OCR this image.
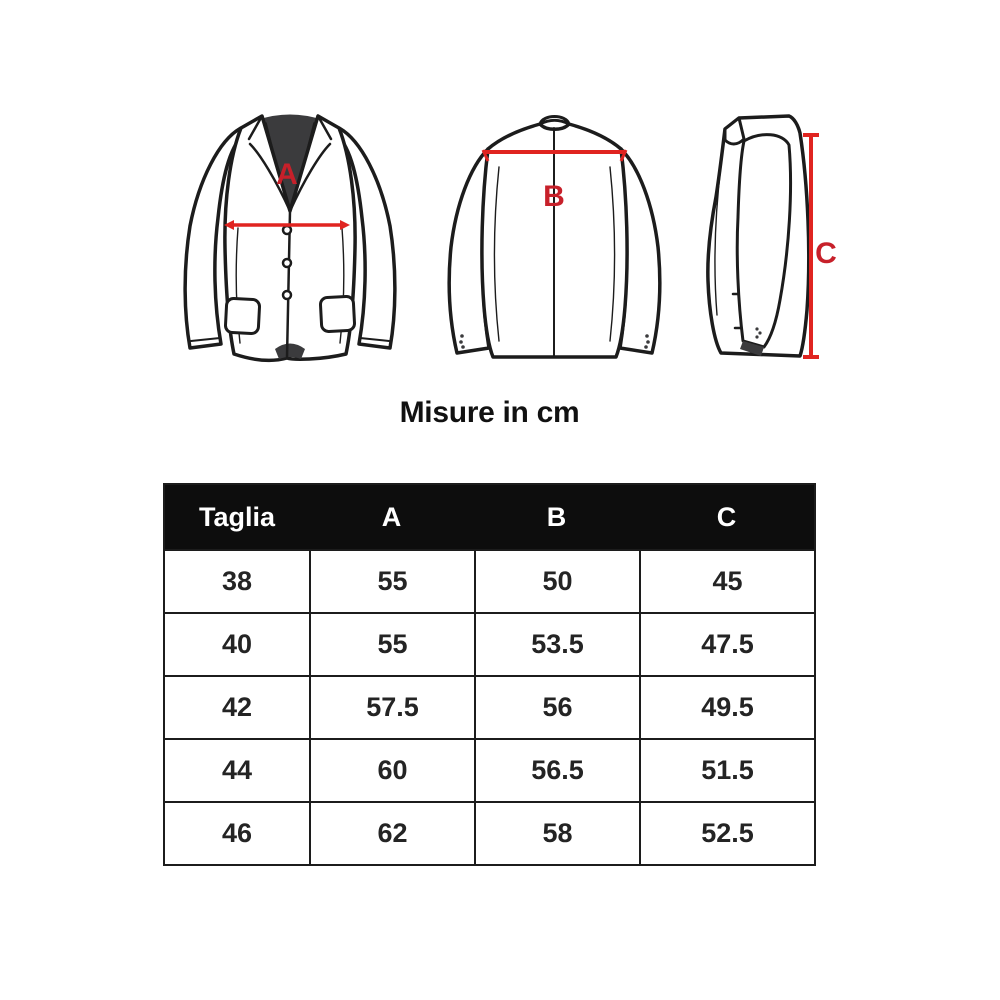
A
B
C
Misure in cm
Taglia	A	B	C
38	55	50	45
40	55	53.5	47.5
42	57.5	56	49.5
44	60	56.5	51.5
46	62	58	52.5
